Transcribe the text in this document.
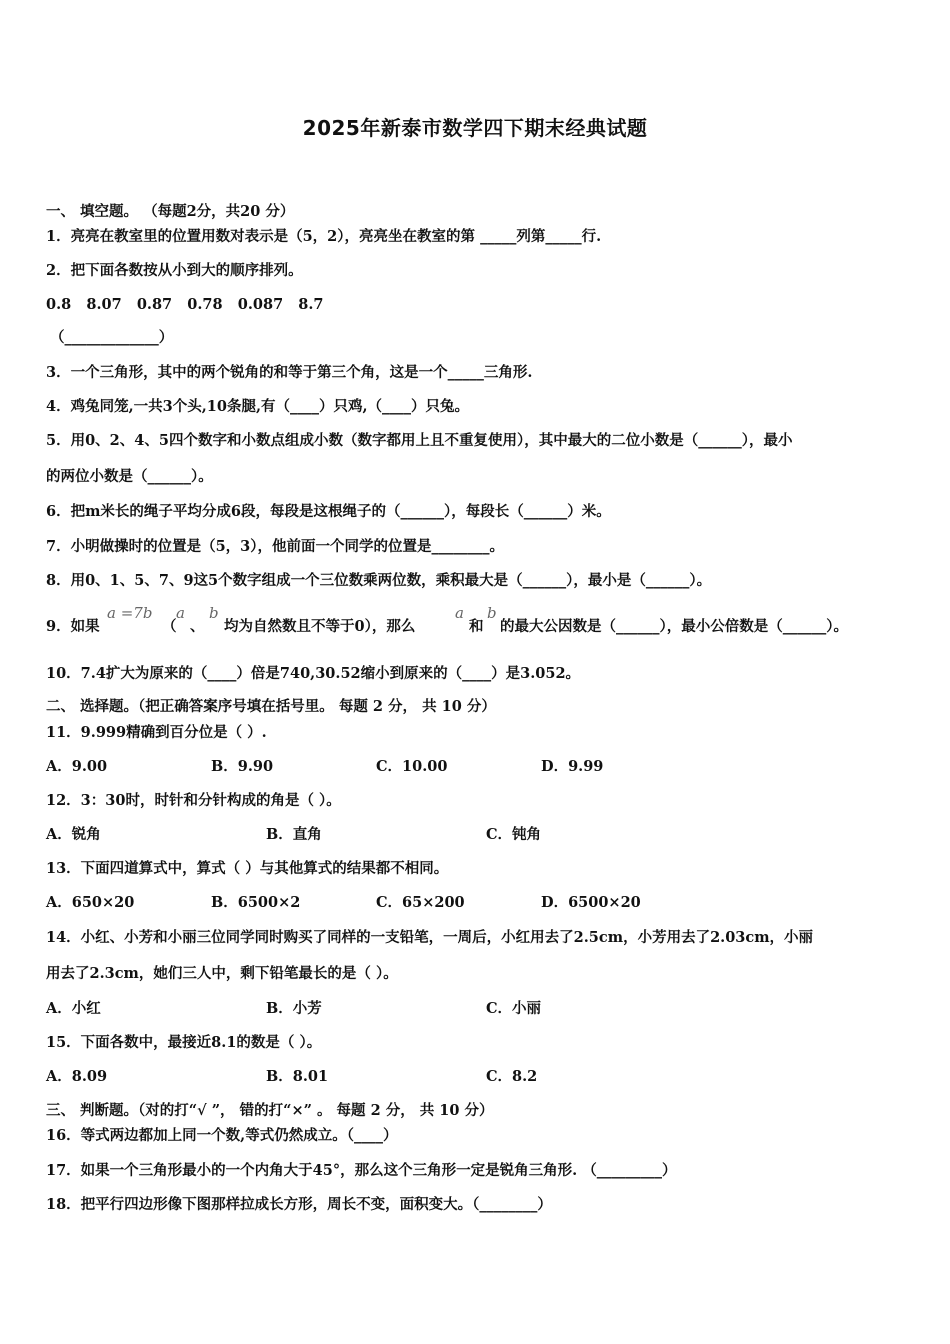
2025年新泰市数学四下期末经典试题
一、 填空题。 （每题2分，共20 分）
1．亮亮在教室里的位置用数对表示是（5，2），亮亮坐在教室的第 _____列第_____行.
2．把下面各数按从小到大的顺序排列。
0.8   8.07   0.87   0.78   0.087   8.7
（_____________）
3．一个三角形，其中的两个锐角的和等于第三个角，这是一个_____三角形.
4．鸡兔同笼,一共3个头,10条腿,有（____）只鸡,（____）只兔。
5．用0、2、4、5四个数字和小数点组成小数（数字都用上且不重复使用），其中最大的二位小数是（______），最小
的两位小数是（______）。
6．把m米长的绳子平均分成6段，每段是这根绳子的（______），每段长（______）米。
7．小明做操时的位置是（5，3），他前面一个同学的位置是________。
8．用0、1、5、7、9这5个数字组成一个三位数乘两位数，乘积最大是（______），最小是（______）。
9．如果
a =7b
（
a
、
b
均为自然数且不等于0），那么
a
和
b
的最大公因数是（______），最小公倍数是（______）。
10．7.4扩大为原来的（____）倍是740,30.52缩小到原来的（____）是3.052。
二、 选择题。（把正确答案序号填在括号里。 每题 2 分， 共 10 分）
11．9.999精确到百分位是（ ）.
A．9.00	B．9.90	C．10.00	D．9.99
12．3：30时，时针和分针构成的角是（ ）。
A．锐角	B．直角	C．钝角
13．下面四道算式中，算式（ ）与其他算式的结果都不相同。
A．650×20	B．6500×2	C．65×200	D．6500×20
14．小红、小芳和小丽三位同学同时购买了同样的一支铅笔，一周后，小红用去了2.5cm，小芳用去了2.03cm，小丽
用去了2.3cm，她们三人中，剩下铅笔最长的是（ ）。
A．小红	B．小芳	C．小丽
15．下面各数中，最接近8.1的数是（ ）。
A．8.09	B．8.01	C．8.2
三、 判断题。（对的打“√ ”， 错的打“×” 。 每题 2 分， 共 10 分）
16．等式两边都加上同一个数,等式仍然成立。（____）
17．如果一个三角形最小的一个内角大于45°，那么这个三角形一定是锐角三角形. （_________）
18．把平行四边形像下图那样拉成长方形，周长不变，面积变大。（________）
